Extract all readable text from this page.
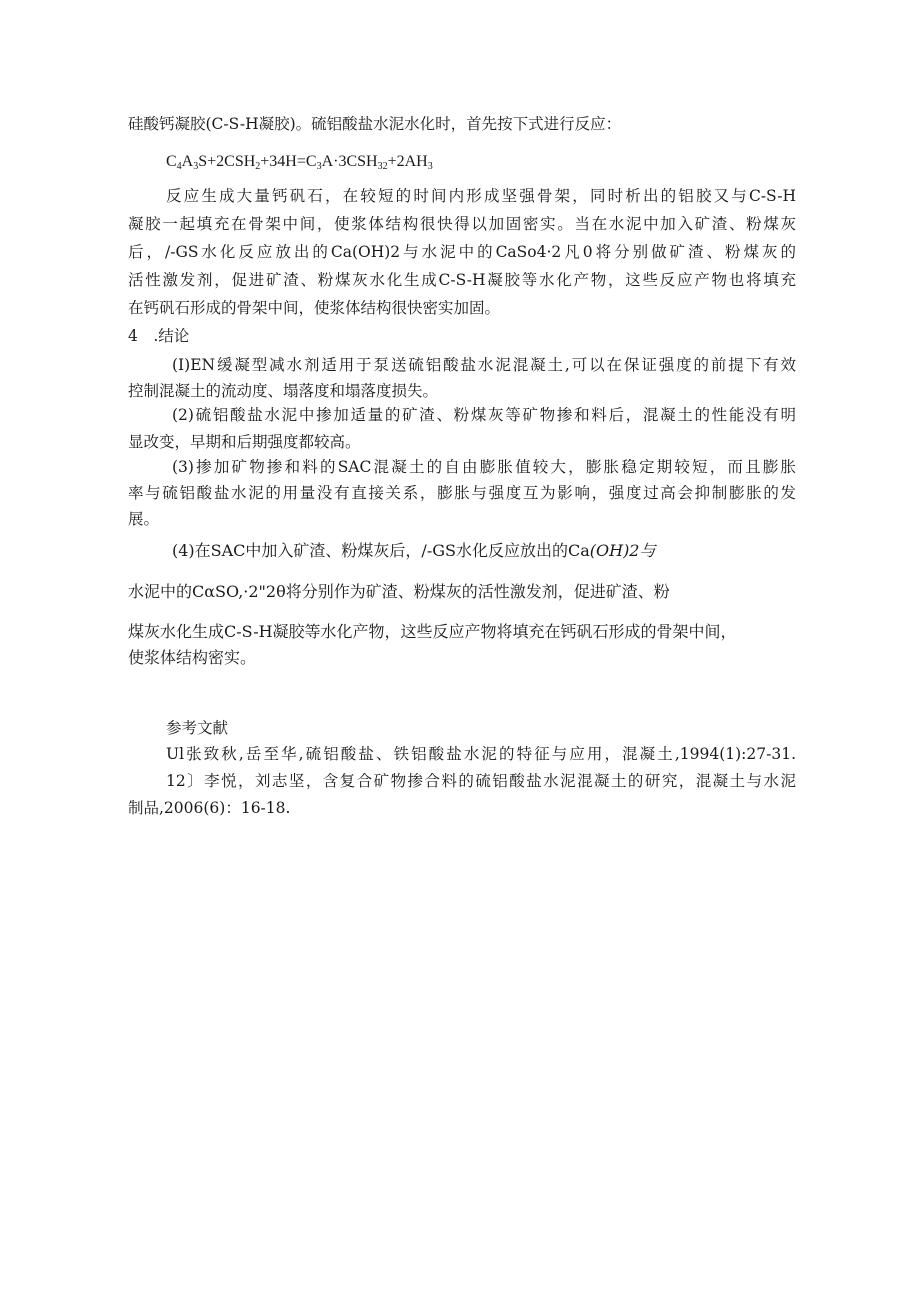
硅酸钙凝胶(C-S-H凝胶)。硫铝酸盐水泥水化时，首先按下式进行反应：
$C_4A_3S+2CSH_2+34H=C_3A\cdot 3CSH_{32}+2AH_3$
反应生成大量钙矾石，在较短的时间内形成坚强骨架，同时析出的铝胶又与C-S-H
凝胶一起填充在骨架中间，使浆体结构很快得以加固密实。当在水泥中加入矿渣、粉煤灰
后，/-GS水化反应放出的Ca(OH)2与水泥中的CaSo4·2凡0将分别做矿渣、粉煤灰的
活性激发剂，促进矿渣、粉煤灰水化生成C-S-H凝胶等水化产物，这些反应产物也将填充
在钙矾石形成的骨架中间，使浆体结构很快密实加固。
4　.结论
(I)EN缓凝型减水剂适用于泵送硫铝酸盐水泥混凝土,可以在保证强度的前提下有效
控制混凝土的流动度、塌落度和塌落度损失。
(2)硫铝酸盐水泥中掺加适量的矿渣、粉煤灰等矿物掺和料后，混凝土的性能没有明
显改变，早期和后期强度都较高。
(3)掺加矿物掺和料的SAC混凝土的自由膨胀值较大，膨胀稳定期较短，而且膨胀
率与硫铝酸盐水泥的用量没有直接关系，膨胀与强度互为影响，强度过高会抑制膨胀的发
展。
(4)在SAC中加入矿渣、粉煤灰后，/-GS水化反应放出的Ca(OH)2与
水泥中的CαSO,·2"2θ将分别作为矿渣、粉煤灰的活性激发剂，促进矿渣、粉
煤灰水化生成C-S-H凝胶等水化产物，这些反应产物将填充在钙矾石形成的骨架中间，
使浆体结构密实。
参考文献
Ul张致秋,岳至华,硫铝酸盐、铁铝酸盐水泥的特征与应用，混凝土,1994(1):27-31.
12〕李悦，刘志坚，含复合矿物掺合料的硫铝酸盐水泥混凝土的研究，混凝土与水泥
制品,2006(6)：16-18.
